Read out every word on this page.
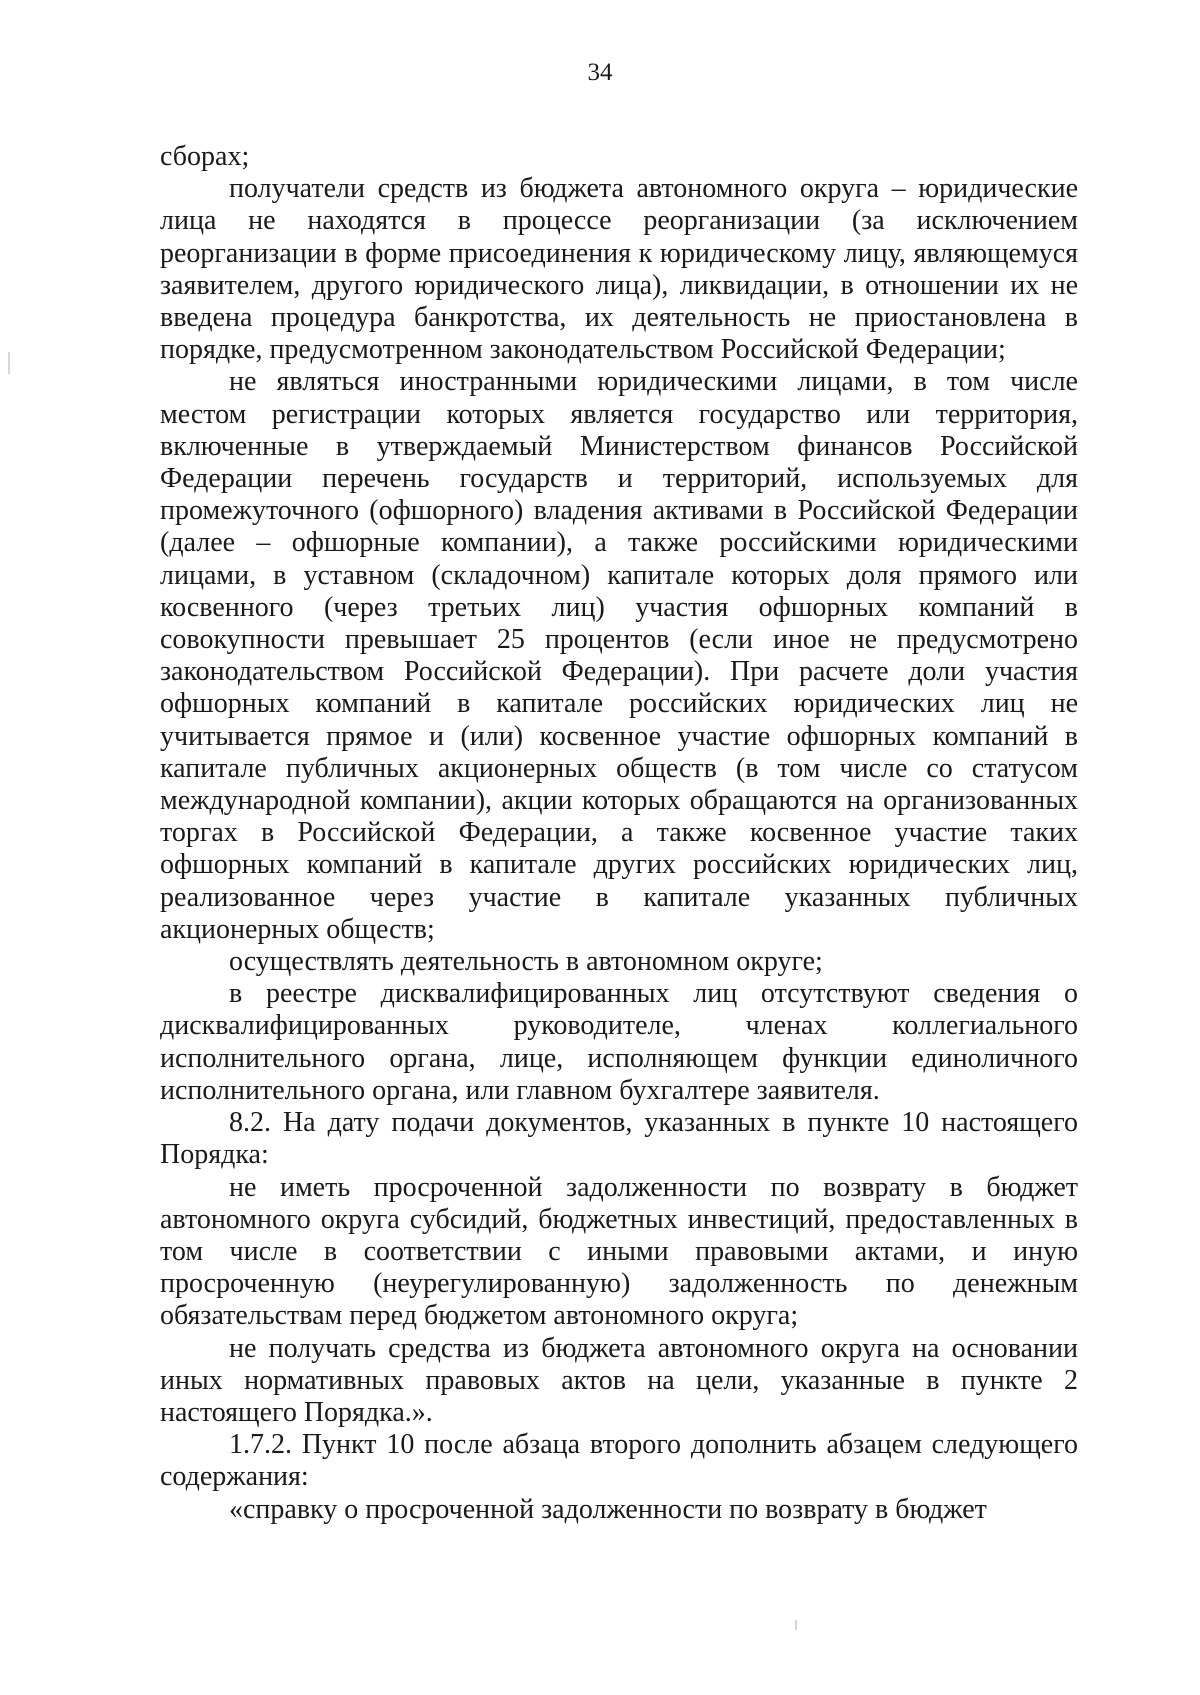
34

сборах;

получатели средств из бюджета автономного округа – юридические лица не находятся в процессе реорганизации (за исключением реорганизации в форме присоединения к юридическому лицу, являющемуся заявителем, другого юридического лица), ликвидации, в отношении их не введена процедура банкротства, их деятельность не приостановлена в порядке, предусмотренном законодательством Российской Федерации;

не являться иностранными юридическими лицами, в том числе местом регистрации которых является государство или территория, включенные в утверждаемый Министерством финансов Российской Федерации перечень государств и территорий, используемых для промежуточного (офшорного) владения активами в Российской Федерации (далее – офшорные компании), а также российскими юридическими лицами, в уставном (складочном) капитале которых доля прямого или косвенного (через третьих лиц) участия офшорных компаний в совокупности превышает 25 процентов (если иное не предусмотрено законодательством Российской Федерации). При расчете доли участия офшорных компаний в капитале российских юридических лиц не учитывается прямое и (или) косвенное участие офшорных компаний в капитале публичных акционерных обществ (в том числе со статусом международной компании), акции которых обращаются на организованных торгах в Российской Федерации, а также косвенное участие таких офшорных компаний в капитале других российских юридических лиц, реализованное через участие в капитале указанных публичных акционерных обществ;

осуществлять деятельность в автономном округе;

в реестре дисквалифицированных лиц отсутствуют сведения о дисквалифицированных руководителе, членах коллегиального исполнительного органа, лице, исполняющем функции единоличного исполнительного органа, или главном бухгалтере заявителя.

8.2. На дату подачи документов, указанных в пункте 10 настоящего Порядка:

не иметь просроченной задолженности по возврату в бюджет автономного округа субсидий, бюджетных инвестиций, предоставленных в том числе в соответствии с иными правовыми актами, и иную просроченную (неурегулированную) задолженность по денежным обязательствам перед бюджетом автономного округа;

не получать средства из бюджета автономного округа на основании иных нормативных правовых актов на цели, указанные в пункте 2 настоящего Порядка.».

1.7.2. Пункт 10 после абзаца второго дополнить абзацем следующего содержания:

«справку о просроченной задолженности по возврату в бюджет
